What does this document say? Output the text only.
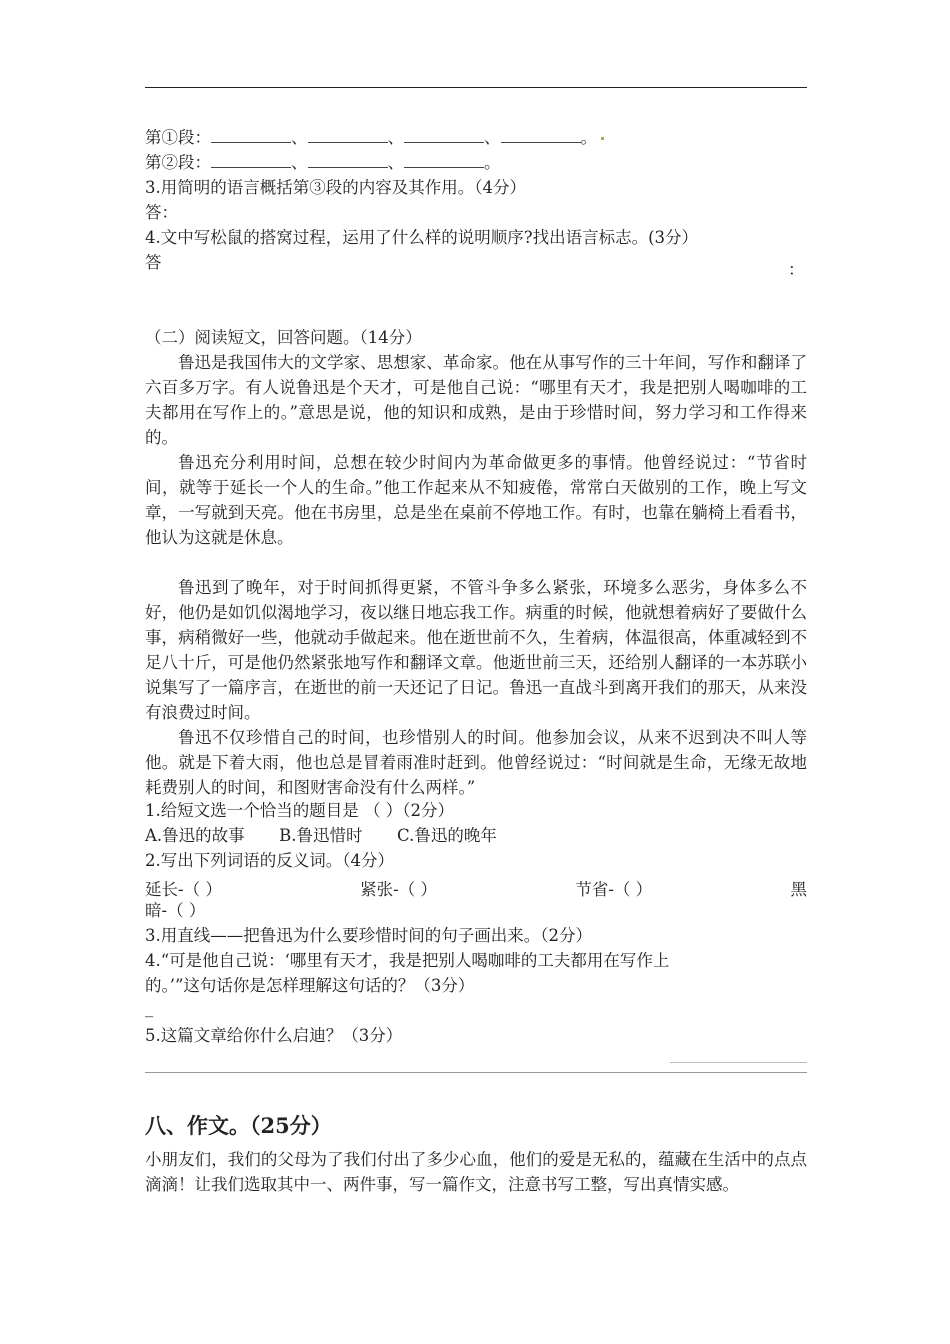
第①段：	、	、	、	。
第②段：	、	、	。
3.用简明的语言概括第③段的内容及其作用。（4分）
答：
4.文中写松鼠的搭窝过程，运用了什么样的说明顺序?找出语言标志。(3分）
答	：
（二）阅读短文，回答问题。（14分）
鲁迅是我国伟大的文学家、思想家、革命家。他在从事写作的三十年间，写作和翻译了六百多万字。有人说鲁迅是个天才，可是他自己说：“哪里有天才，我是把别人喝咖啡的工夫都用在写作上的。”意思是说，他的知识和成熟，是由于珍惜时间，努力学习和工作得来的。
鲁迅充分利用时间，总想在较少时间内为革命做更多的事情。他曾经说过：“节省时间，就等于延长一个人的生命。”他工作起来从不知疲倦，常常白天做别的工作，晚上写文章，一写就到天亮。他在书房里，总是坐在桌前不停地工作。有时，也靠在躺椅上看看书，他认为这就是休息。
鲁迅到了晚年，对于时间抓得更紧，不管斗争多么紧张，环境多么恶劣，身体多么不好，他仍是如饥似渴地学习，夜以继日地忘我工作。病重的时候，他就想着病好了要做什么事，病稍微好一些，他就动手做起来。他在逝世前不久，生着病，体温很高，体重减轻到不足八十斤，可是他仍然紧张地写作和翻译文章。他逝世前三天，还给别人翻译的一本苏联小说集写了一篇序言，在逝世的前一天还记了日记。鲁迅一直战斗到离开我们的那天，从来没有浪费过时间。
鲁迅不仅珍惜自己的时间，也珍惜别人的时间。他参加会议，从来不迟到决不叫人等他。就是下着大雨，他也总是冒着雨准时赶到。他曾经说过：“时间就是生命，无缘无故地耗费别人的时间，和图财害命没有什么两样。”
1.给短文选一个恰当的题目是 （ ）（2分）
A.鲁迅的故事 B.鲁迅惜时 C.鲁迅的晚年
2.写出下列词语的反义词。（4分）
延长-（ ）	紧张-（ ）	节省-（ ）	黑
暗-（ ）
3.用直线——把鲁迅为什么要珍惜时间的句子画出来。（2分）
4.“可是他自己说：‘哪里有天才，我是把别人喝咖啡的工夫都用在写作上
的。’”这句话你是怎样理解这句话的？（3分）
_
5.这篇文章给你什么启迪？（3分）
八、作文。（25分）
小朋友们，我们的父母为了我们付出了多少心血，他们的爱是无私的，蕴藏在生活中的点点滴滴！让我们选取其中一、两件事，写一篇作文，注意书写工整，写出真情实感。
